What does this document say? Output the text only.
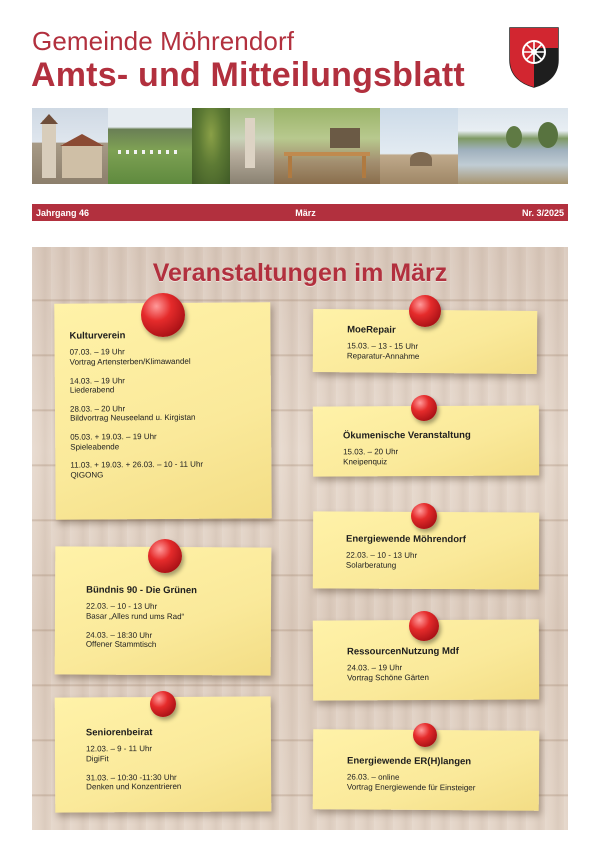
Gemeinde Möhrendorf
Amts- und Mitteilungsblatt
Jahrgang 46	März	Nr. 3/2025
Veranstaltungen im März
Kulturverein
07.03. – 19 Uhr
Vortrag Artensterben/Klimawandel
14.03. – 19 Uhr
Liederabend
28.03. – 20 Uhr
Bildvortrag Neuseeland u. Kirgistan
05.03. + 19.03. – 19 Uhr
Spieleabende
11.03. + 19.03. + 26.03. – 10 - 11 Uhr
QIGONG
MoeRepair
15.03. – 13 - 15 Uhr
Reparatur-Annahme
Ökumenische Veranstaltung
15.03. – 20 Uhr
Kneipenquiz
Energiewende Möhrendorf
22.03. – 10 - 13 Uhr
Solarberatung
Bündnis 90 - Die Grünen
22.03. – 10 - 13 Uhr
Basar „Alles rund ums Rad“
24.03. – 18:30 Uhr
Offener Stammtisch
RessourcenNutzung Mdf
24.03. – 19 Uhr
Vortrag Schöne Gärten
Seniorenbeirat
12.03. – 9 - 11 Uhr
DigiFit
31.03. – 10:30 -11:30 Uhr
Denken und Konzentrieren
Energiewende ER(H)langen
26.03. – online
Vortrag Energiewende für Einsteiger
